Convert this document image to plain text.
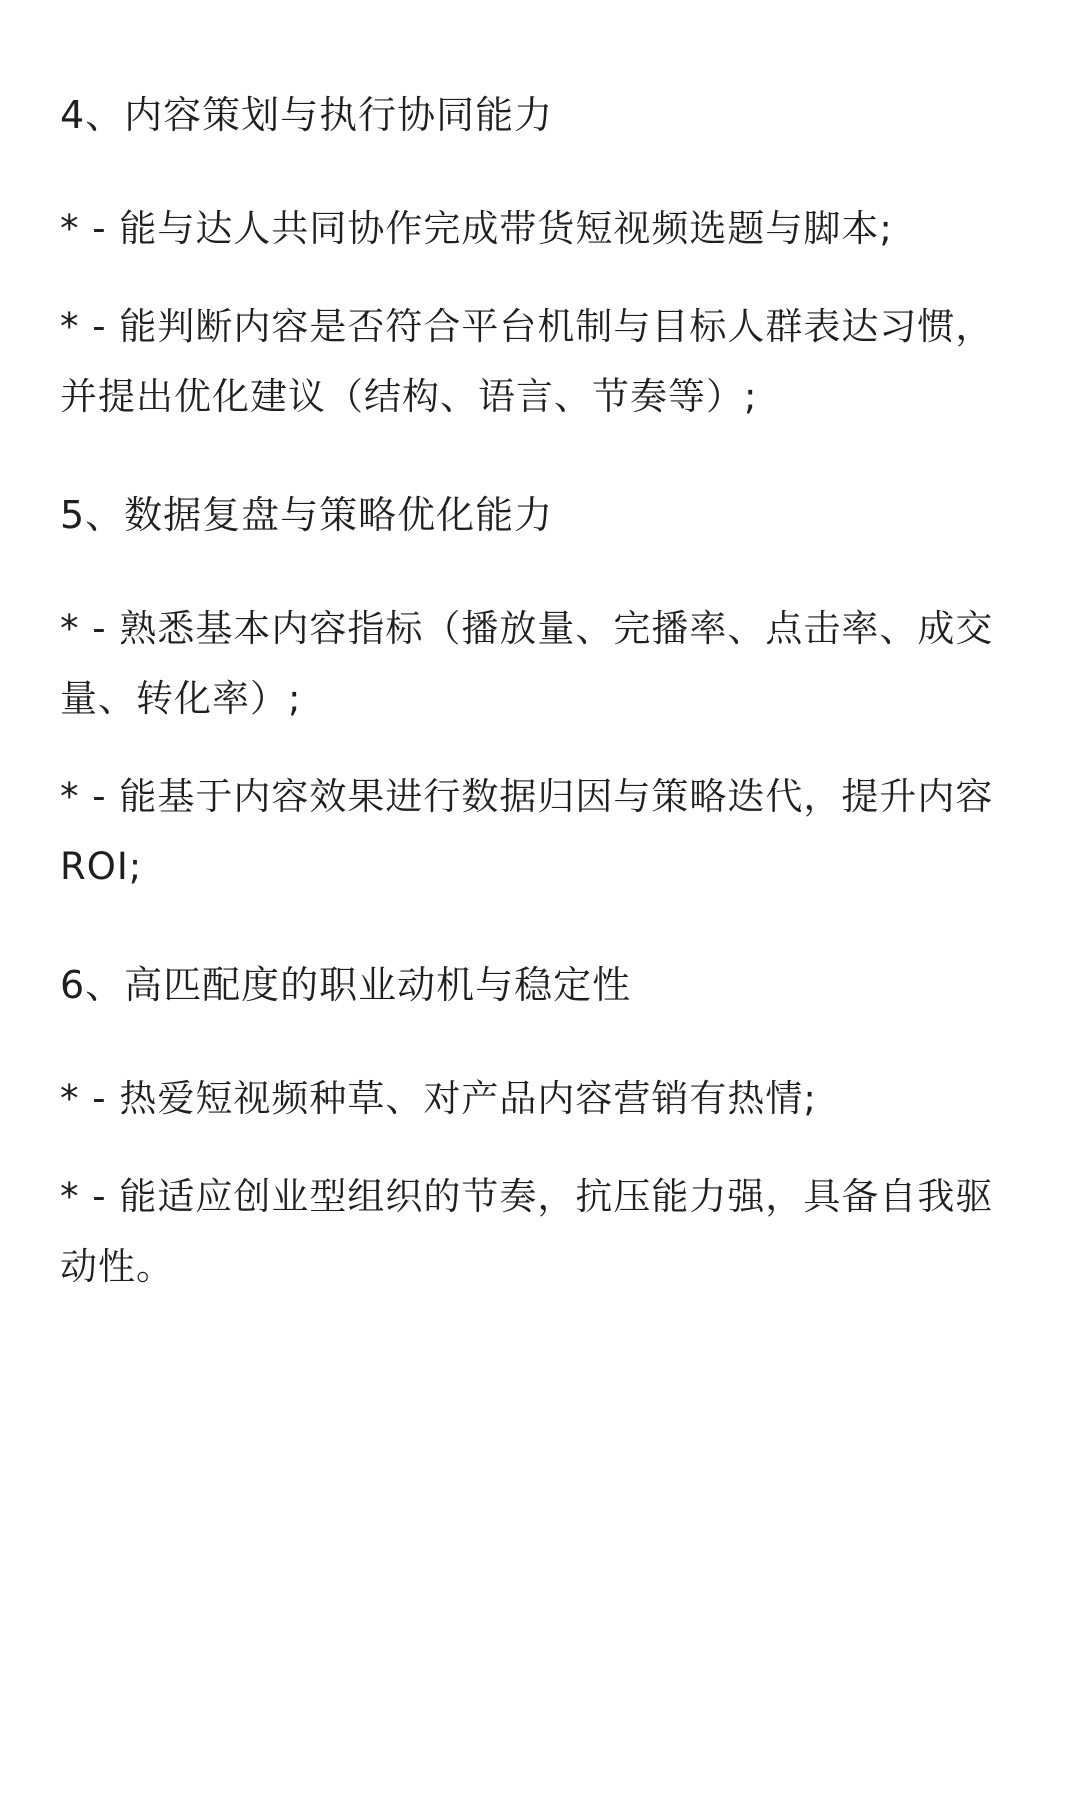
4、内容策划与执行协同能力
* - 能与达人共同协作完成带货短视频选题与脚本;
* - 能判断内容是否符合平台机制与目标人群表达习惯，并提出优化建议（结构、语言、节奏等）;
5、数据复盘与策略优化能力
* - 熟悉基本内容指标（播放量、完播率、点击率、成交量、转化率）;
* - 能基于内容效果进行数据归因与策略迭代，提升内容ROI;
6、高匹配度的职业动机与稳定性
* - 热爱短视频种草、对产品内容营销有热情;
* - 能适应创业型组织的节奏，抗压能力强，具备自我驱动性。
